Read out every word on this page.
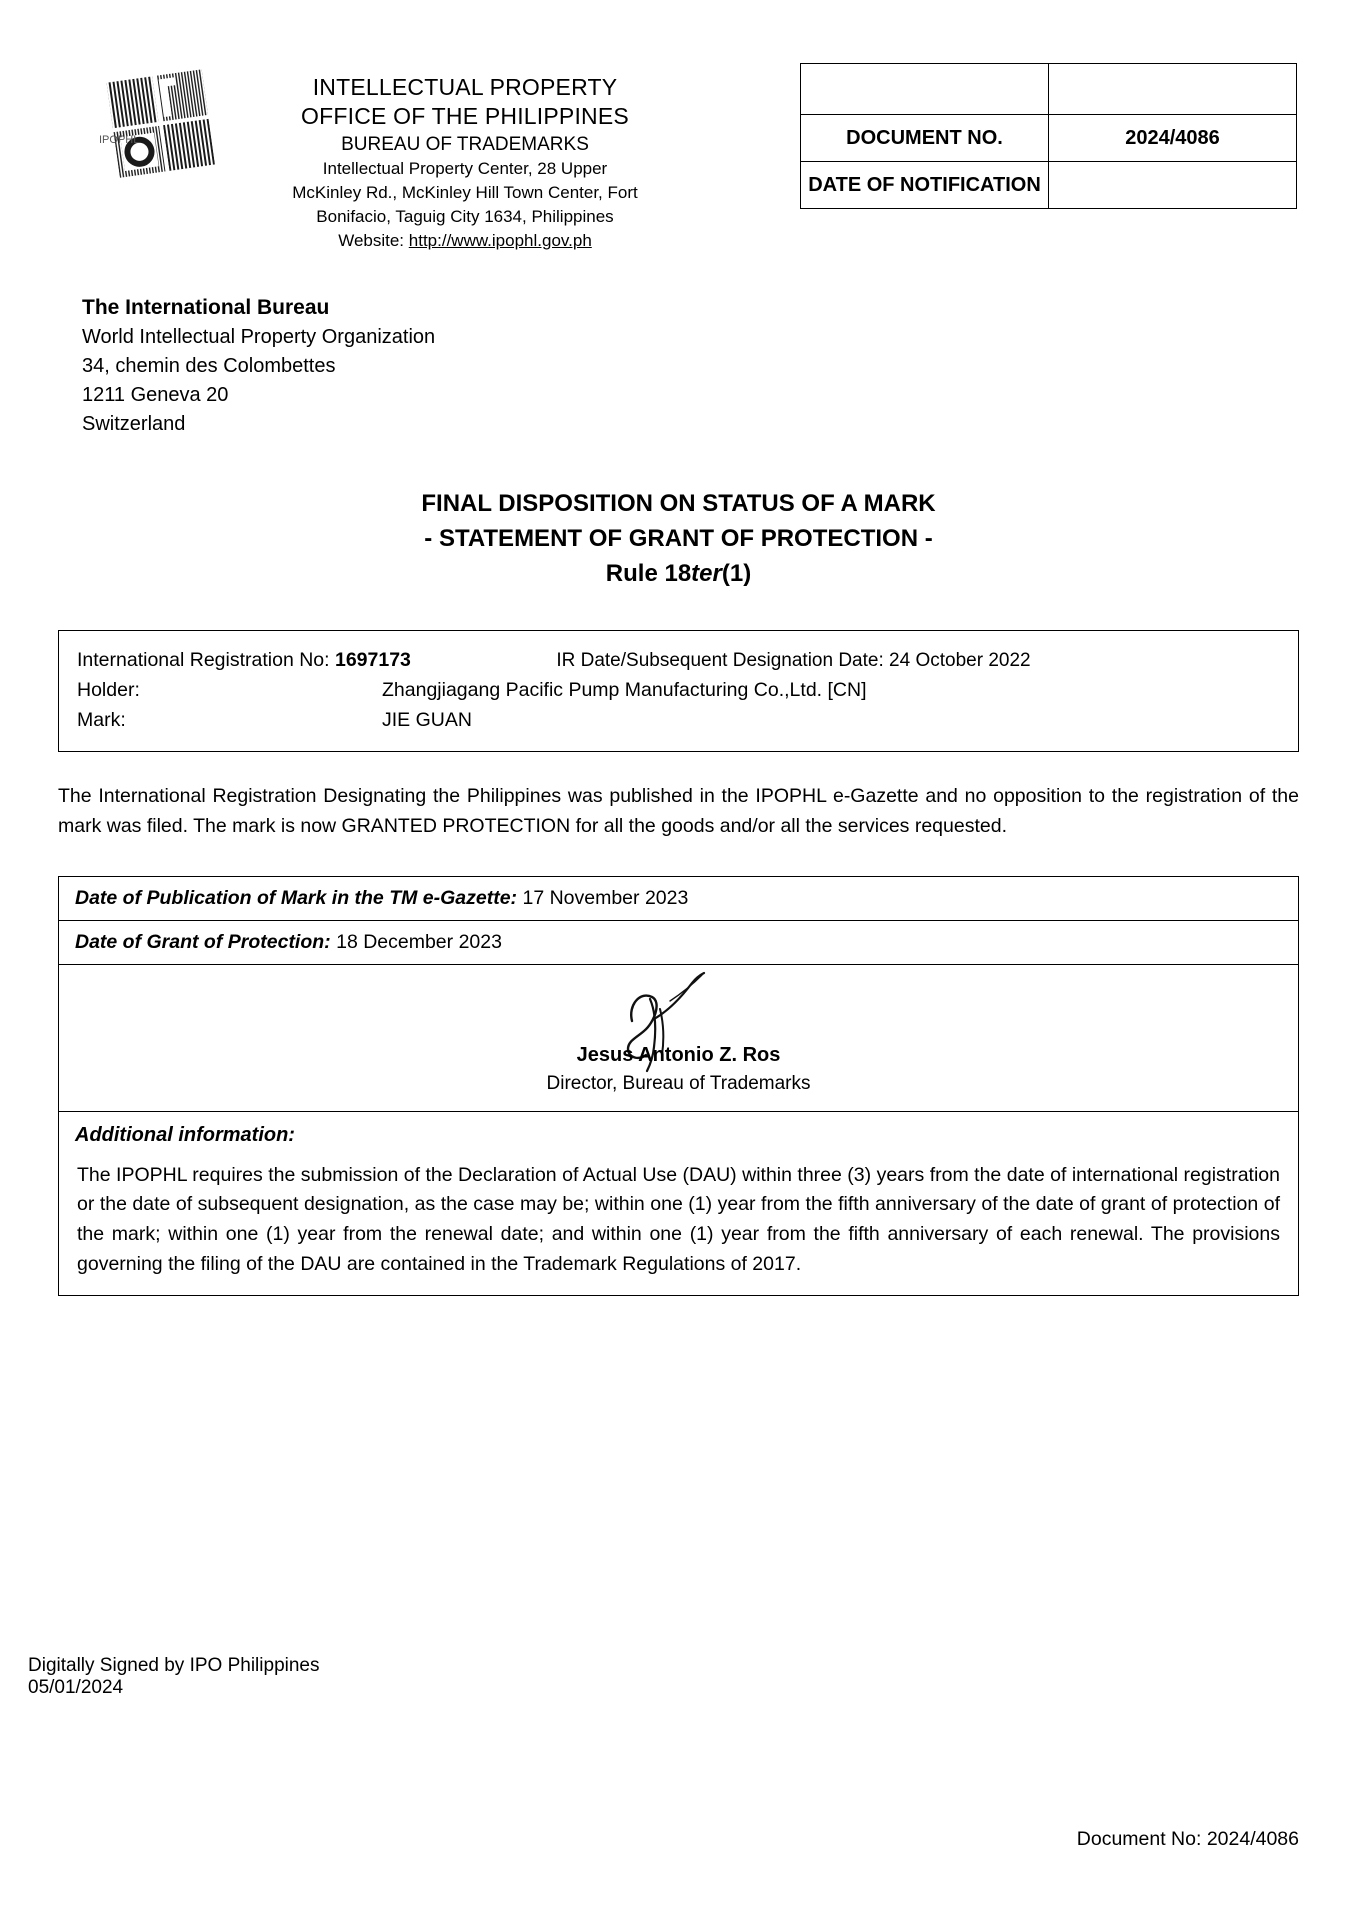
IPOPHL
INTELLECTUAL PROPERTY
OFFICE OF THE PHILIPPINES
BUREAU OF TRADEMARKS
Intellectual Property Center, 28 Upper
McKinley Rd., McKinley Hill Town Center, Fort
Bonifacio, Taguig City 1634, Philippines
Website: http://www.ipophl.gov.ph

DOCUMENT NO.	2024/4086
DATE OF NOTIFICATION	
The International Bureau
World Intellectual Property Organization
34, chemin des Colombettes
1211 Geneva 20
Switzerland
FINAL DISPOSITION ON STATUS OF A MARK
- STATEMENT OF GRANT OF PROTECTION -
Rule 18ter(1)
International Registration No: 1697173	IR Date/Subsequent Designation Date: 24 October 2022
Holder:	Zhangjiagang Pacific Pump Manufacturing Co.,Ltd. [CN]
Mark:	JIE GUAN
The International Registration Designating the Philippines was published in the IPOPHL e-Gazette and no opposition to the registration of the mark was filed. The mark is now GRANTED PROTECTION for all the goods and/or all the services requested.
Date of Publication of Mark in the TM e-Gazette: 17 November 2023
Date of Grant of Protection: 18 December 2023
Jesus Antonio Z. Ros
Director, Bureau of Trademarks
Additional information:
The IPOPHL requires the submission of the Declaration of Actual Use (DAU) within three (3) years from the date of international registration or the date of subsequent designation, as the case may be; within one (1) year from the fifth anniversary of the date of grant of protection of the mark; within one (1) year from the renewal date; and within one (1) year from the fifth anniversary of each renewal. The provisions governing the filing of the DAU are contained in the Trademark Regulations of 2017.
Digitally Signed by IPO Philippines
05/01/2024
Document No: 2024/4086
